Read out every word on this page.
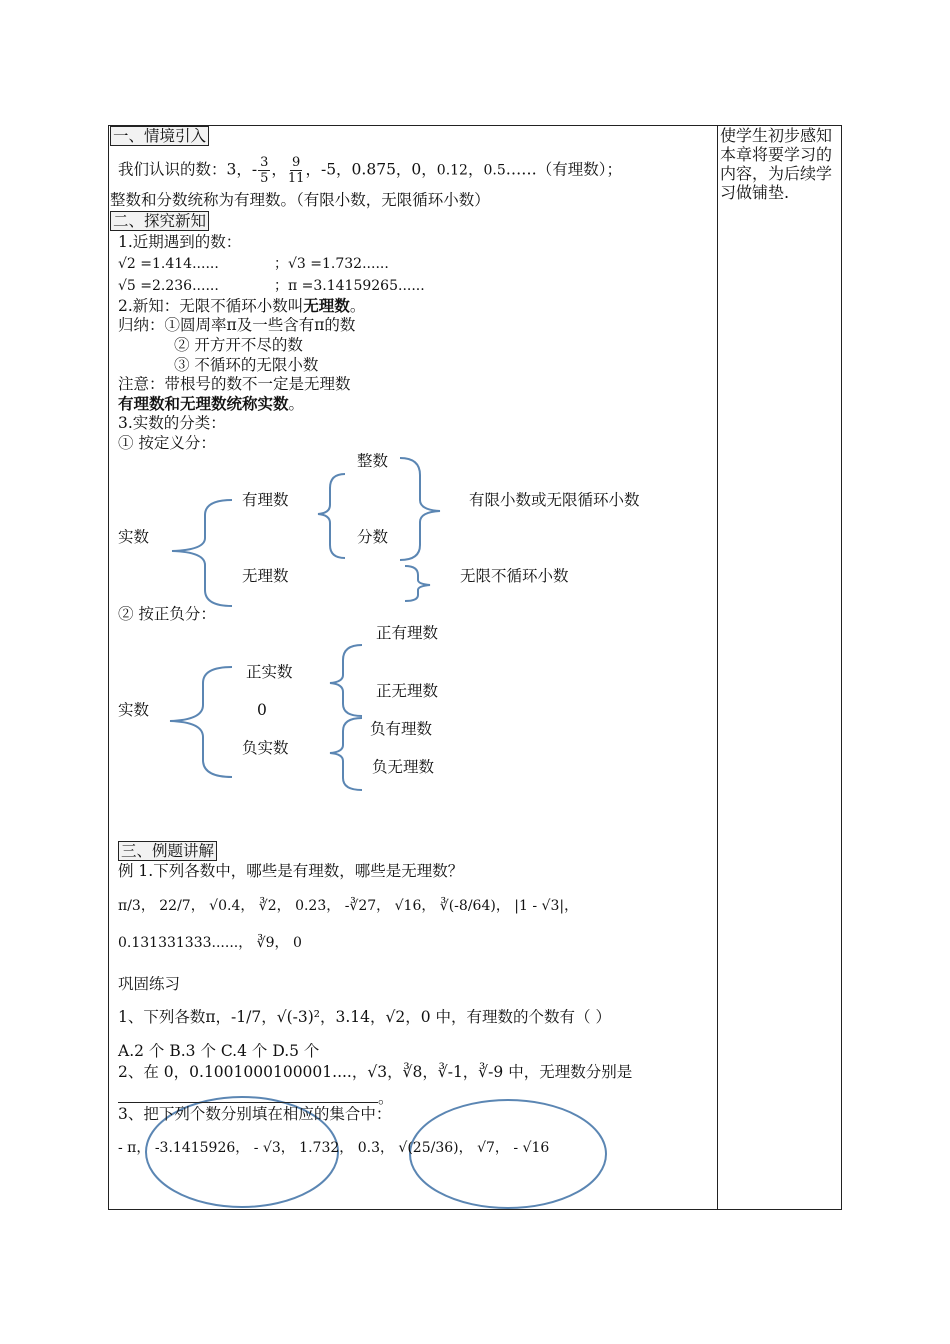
使学生初步感知本章将要学习的内容，为后续学习做铺垫.
一、情境引入
我们认识的数：3，- $\frac{3}{5}$ ， $\frac{9}{11}$ ，-5，0.875，0，0.12，0.5……（有理数）；
整数和分数统称为有理数。（有限小数，无限循环小数）
二、探究新知
1.近期遇到的数：
√2 =1.414......	；√3 =1.732......
√5 =2.236......	；π =3.14159265......
2.新知：无限不循环小数叫无理数。
归纳：①圆周率π及一些含有π的数
② 开方开不尽的数
③ 不循环的无限小数
注意：带根号的数不一定是无理数
有理数和无理数统称实数。
3.实数的分类：
① 按定义分：
实数
有理数
无理数
整数
分数
有限小数或无限循环小数
无限不循环小数
② 按正负分：
实数
正实数
0
负实数
正有理数
正无理数
负有理数
负无理数
三、例题讲解
例 1.下列各数中，哪些是有理数，哪些是无理数？
π/3， 22/7， √0.4， ∛2， 0.23̇， -∛27， √16， ∛(-8/64)， |1 - √3|，
0.131331333......， ∛9， 0
巩固练习
1、下列各数π，-1/7，√(-3)²，3.14，√2，0 中，有理数的个数有（ ）
A.2 个 B.3 个 C.4 个 D.5 个
2、在 0，0.1001000100001....，√3，∛8，∛-1，∛-9 中，无理数分别是
。
3、把下列个数分别填在相应的集合中：
- π， -3.1415926， - √3， 1.732， 0.3̇， √(25/36)， √7， - √16
